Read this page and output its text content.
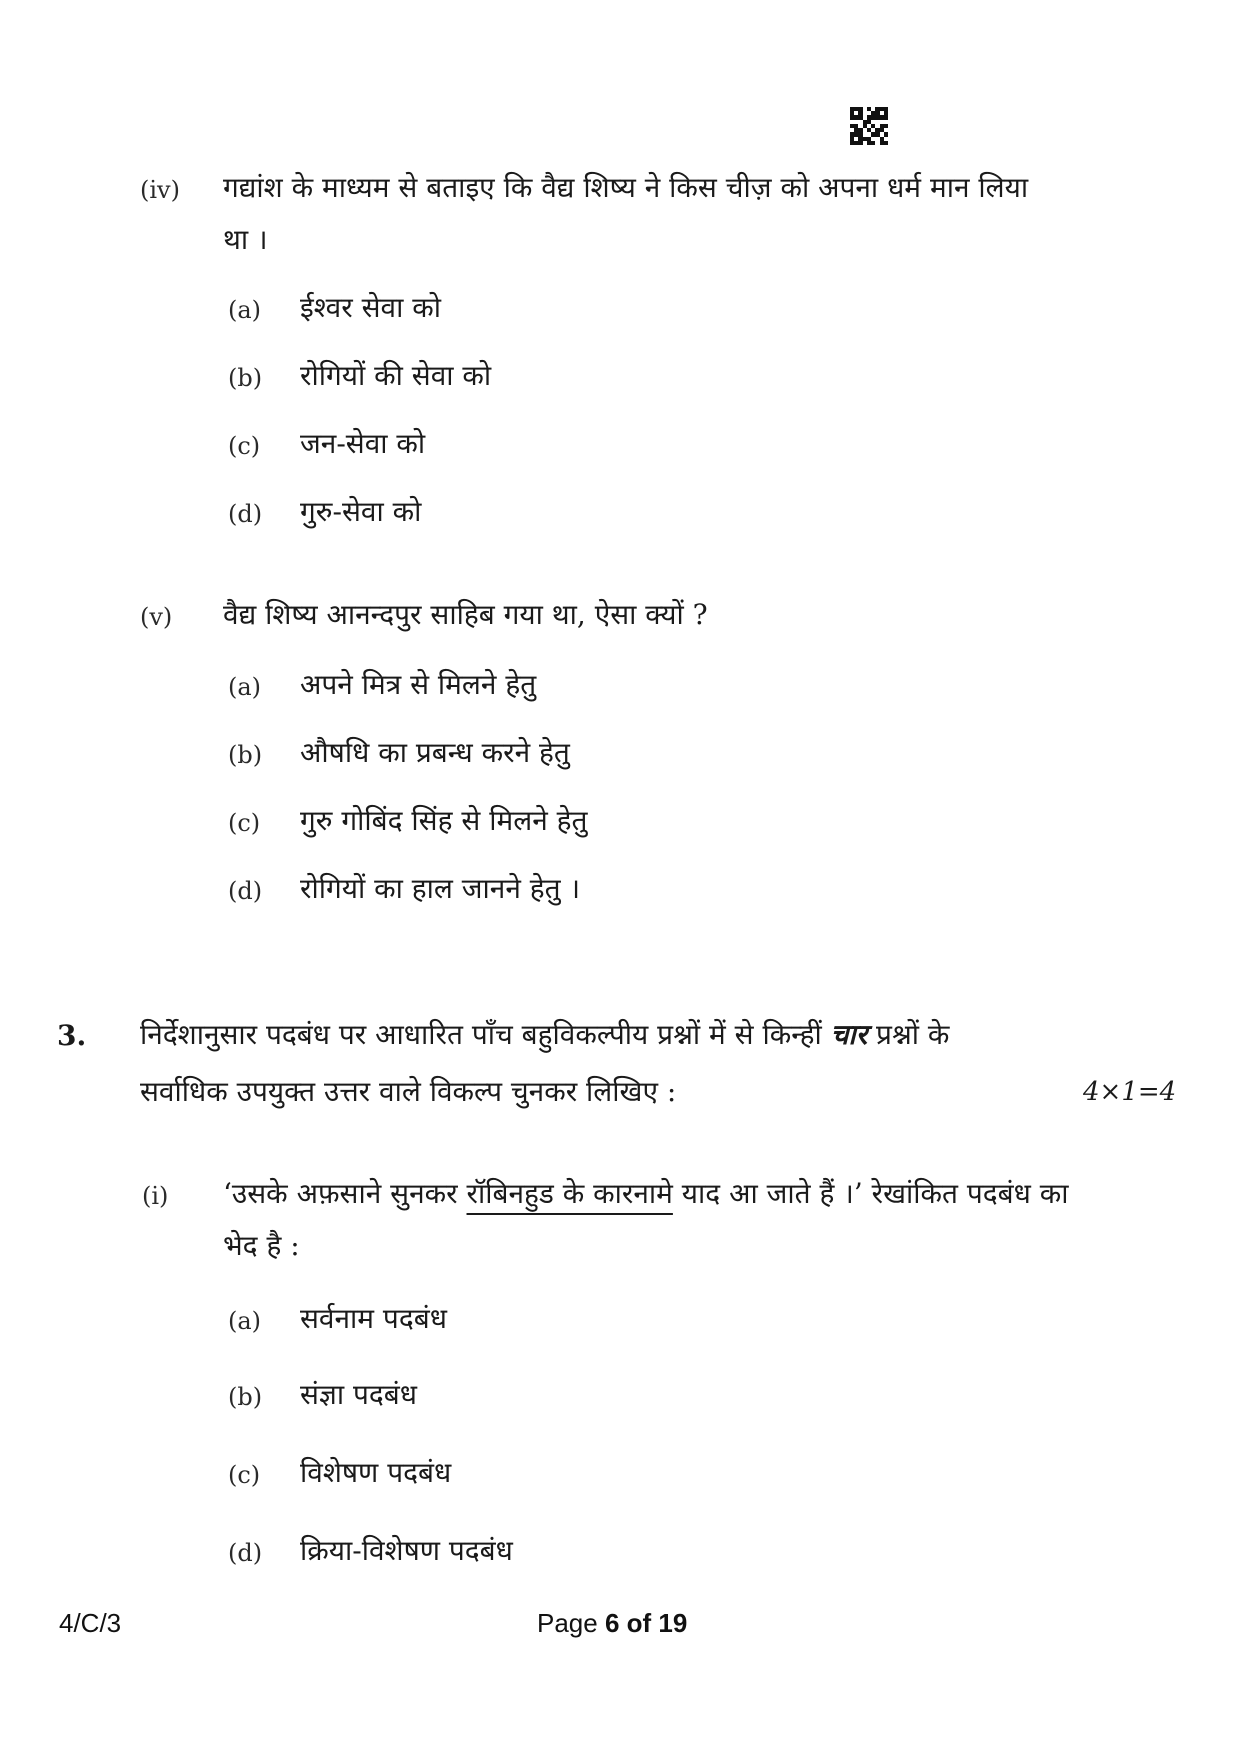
(iv) गद्यांश के माध्यम से बताइए कि वैद्य शिष्य ने किस चीज़ को अपना धर्म मान लिया
था ।
(a) ईश्वर सेवा को
(b) रोगियों की सेवा को
(c) जन-सेवा को
(d) गुरु-सेवा को
(v) वैद्य शिष्य आनन्दपुर साहिब गया था, ऐसा क्यों ?
(a) अपने मित्र से मिलने हेतु
(b) औषधि का प्रबन्ध करने हेतु
(c) गुरु गोबिंद सिंह से मिलने हेतु
(d) रोगियों का हाल जानने हेतु ।
3. निर्देशानुसार पदबंध पर आधारित पाँच बहुविकल्पीय प्रश्नों में से किन्हीं चार प्रश्नों के
सर्वाधिक उपयुक्त उत्तर वाले विकल्प चुनकर लिखिए :	4×1=4
(i) ‘उसके अफ़साने सुनकर रॉबिनहुड के कारनामे याद आ जाते हैं ।’ रेखांकित पदबंध का
भेद है :
(a) सर्वनाम पदबंध
(b) संज्ञा पदबंध
(c) विशेषण पदबंध
(d) क्रिया-विशेषण पदबंध
4/C/3	Page 6 of 19
